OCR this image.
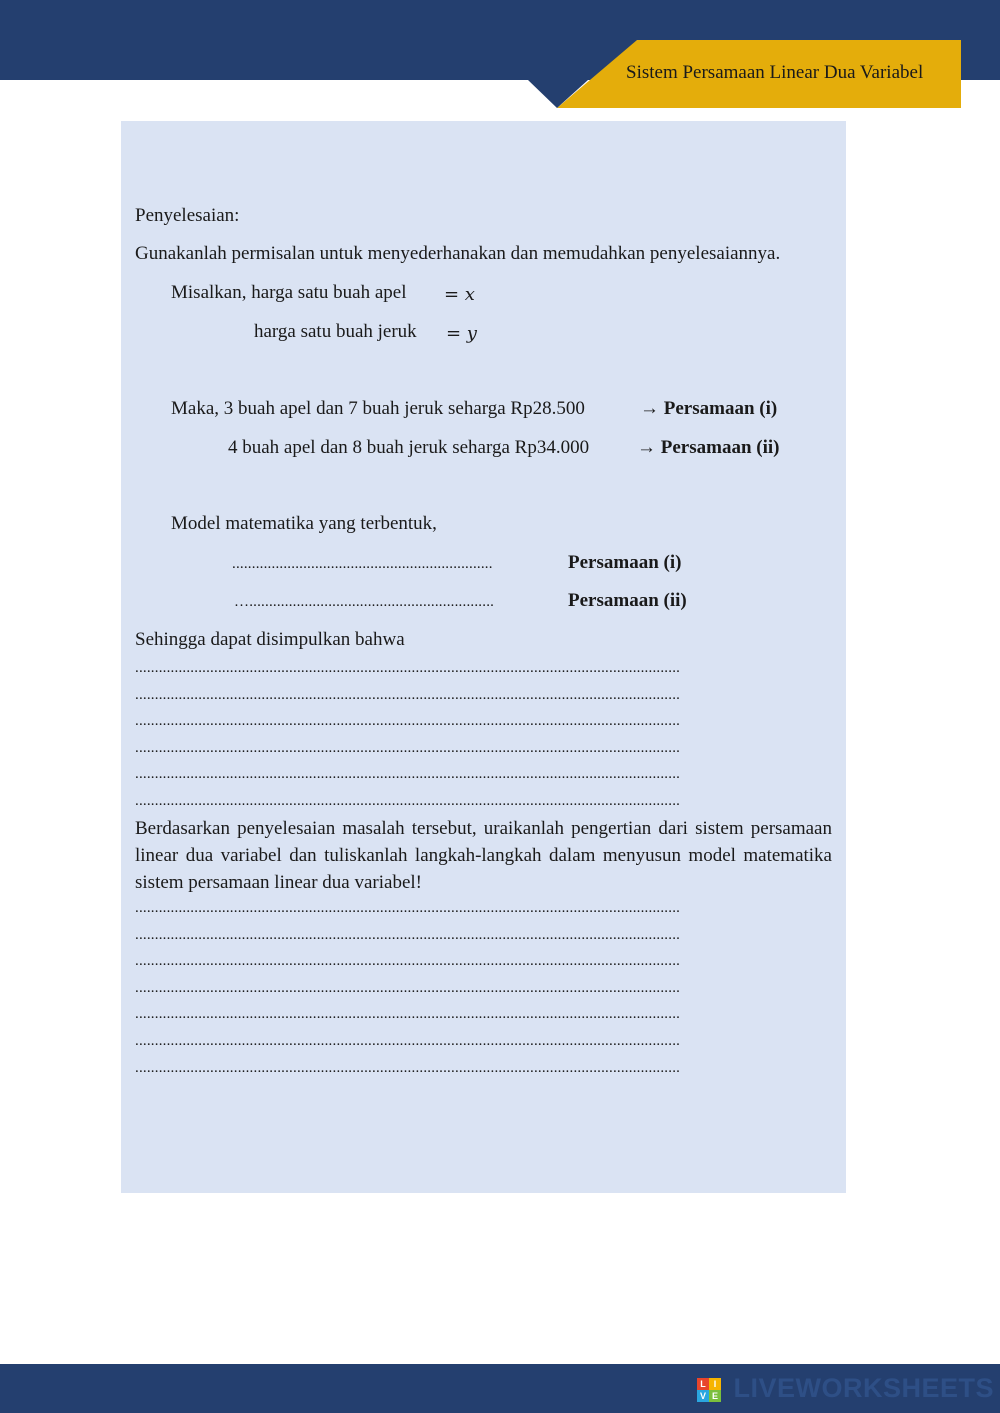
Sistem Persamaan Linear Dua Variabel
Penyelesaian:
Gunakanlah permisalan untuk menyederhanakan dan memudahkan penyelesaiannya.
Misalkan, harga satu buah apel = 𝑥
harga satu buah jeruk = 𝑦
Maka, 3 buah apel dan 7 buah jeruk seharga Rp28.500	→ Persamaan (i)
4 buah apel dan 8 buah jeruk seharga Rp34.000	→ Persamaan (ii)
Model matematika yang terbentuk,
..................................................................	Persamaan (i)
…..............................................................	Persamaan (ii)
Sehingga dapat disimpulkan bahwa
..........................................................................................................................................
..........................................................................................................................................
..........................................................................................................................................
..........................................................................................................................................
..........................................................................................................................................
..........................................................................................................................................
Berdasarkan penyelesaian masalah tersebut, uraikanlah pengertian dari sistem persamaan linear dua variabel dan tuliskanlah langkah-langkah dalam menyusun model matematika sistem persamaan linear dua variabel!
..........................................................................................................................................
..........................................................................................................................................
..........................................................................................................................................
..........................................................................................................................................
..........................................................................................................................................
..........................................................................................................................................
..........................................................................................................................................
L I
V E LIVEWORKSHEETS
